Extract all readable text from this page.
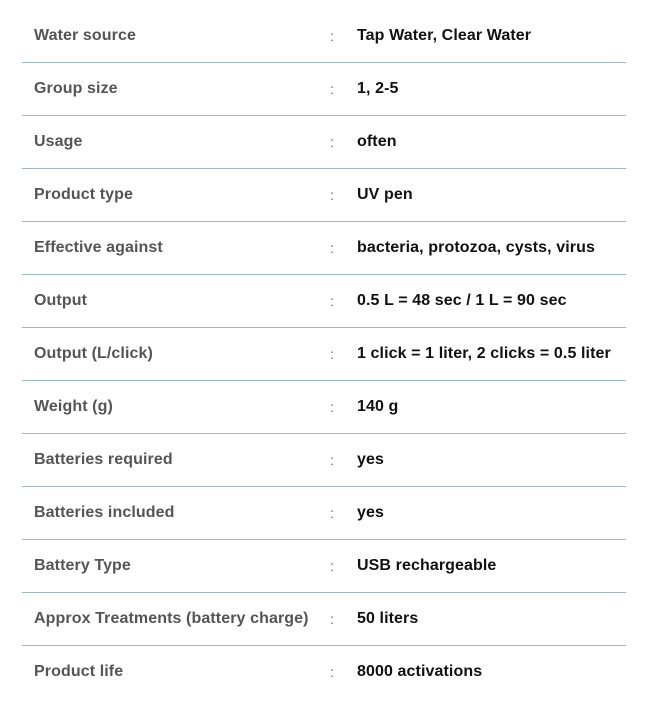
Water source	:	Tap Water, Clear Water
Group size	:	1, 2-5
Usage	:	often
Product type	:	UV pen
Effective against	:	bacteria, protozoa, cysts, virus
Output	:	0.5 L = 48 sec / 1 L = 90 sec
Output (L/click)	:	1 click = 1 liter, 2 clicks = 0.5 liter
Weight (g)	:	140 g
Batteries required	:	yes
Batteries included	:	yes
Battery Type	:	USB rechargeable
Approx Treatments (battery charge)	:	50 liters
Product life	:	8000 activations
